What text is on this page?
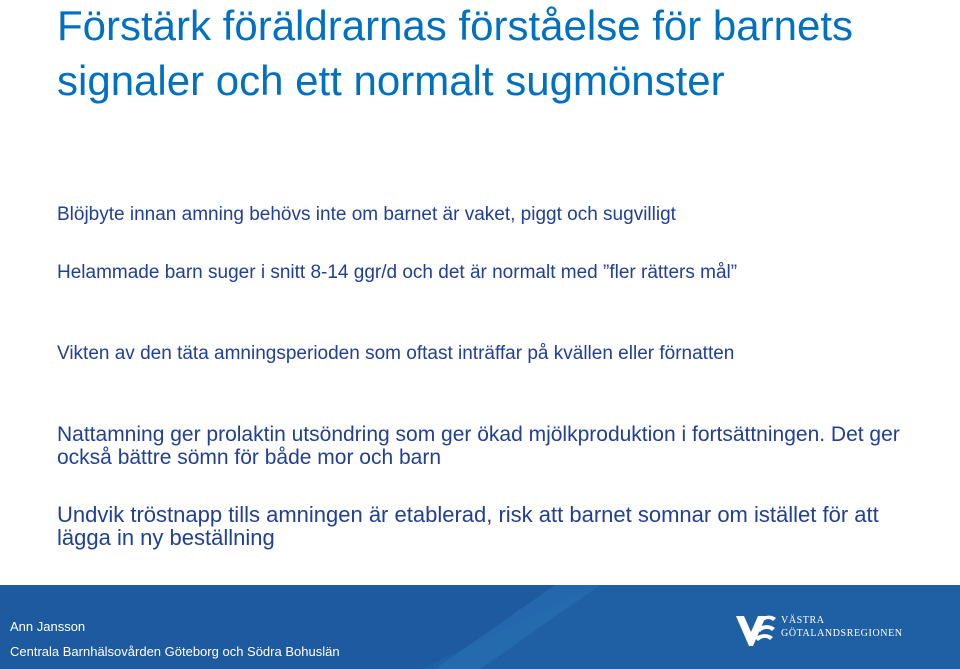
Förstärk föräldrarnas förståelse för barnets signaler och ett normalt sugmönster
Blöjbyte innan amning behövs inte om barnet är vaket, piggt och sugvilligt
Helammade barn suger i snitt 8-14 ggr/d och det är normalt med ”fler rätters mål”
Vikten av den täta amningsperioden som oftast inträffar på kvällen eller förnatten
Nattamning ger prolaktin utsöndring som ger ökad mjölkproduktion i fortsättningen. Det ger också bättre sömn för både mor och barn
Undvik tröstnapp tills amningen är etablerad, risk att barnet somnar om istället för att lägga in ny beställning
Ann Jansson
Centrala Barnhälsovården Göteborg och Södra Bohuslän
VÄSTRA
GÖTALANDSREGIONEN
